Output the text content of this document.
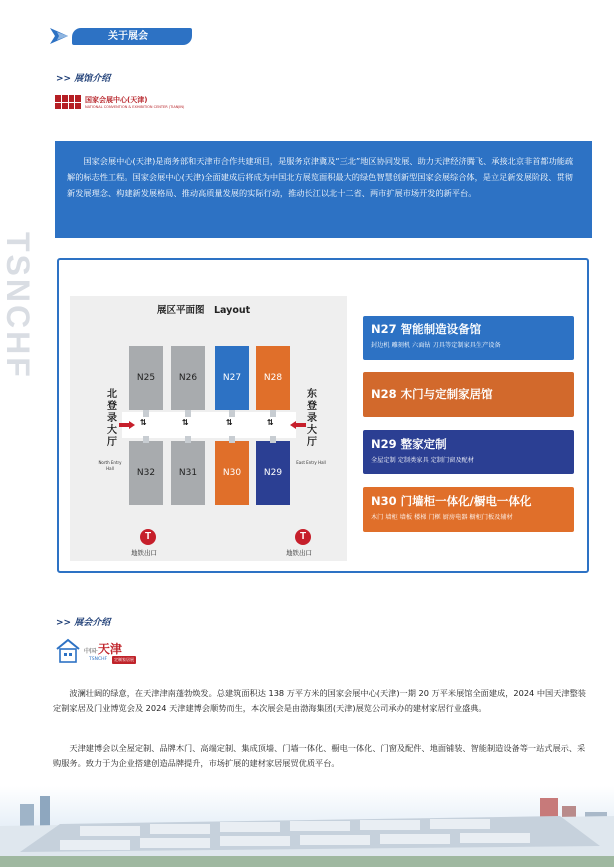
关于展会
>> 展馆介绍
国家会展中心(天津)
NATIONAL CONVENTION & EXHIBITION CENTER (TIANJIN)
国家会展中心(天津)是商务部和天津市合作共建项目，是服务京津冀及“三北”地区协同发展、助力天津经济腾飞、承接北京非首都功能疏解的标志性工程。国家会展中心(天津)全面建成后将成为中国北方展览面积最大的绿色智慧创新型国家会展综合体，是立足新发展阶段、贯彻新发展理念、构建新发展格局、推动高质量发展的实际行动，推动长江以北十二省、两市扩展市场开发的新平台。
TSNCHF	展区平面图　Layout
N25	N26	N27	N28
N32	N31	N30	N29
⇅	⇅	⇅	⇅
北登录大厅
North Entry Hall
东登录大厅
East Entry Hall
T
地铁出口
T
地铁出口
N27 智能制造设备馆
封边机 雕刻机 六面钻 刀具等定制家具生产设备
N28 木门与定制家居馆
N29 整家定制
全屋定制 定制类家具 定制门窗及配材
N30 门墙柜一体化/橱电一体化
木门 墙柜 墙板 楼梯 门框 厨房电器 橱柜门板及辅材
>> 展会介绍
中国·天津
TSNCHF	定制家居展
波澜壮阔的绿意，在天津津南蓬勃焕发。总建筑面积达 138 万平方米的国家会展中心(天津)一期 20 万平米展馆全面建成，2024 中国天津整装定制家居及门业博览会及 2024 天津建博会顺势而生，本次展会是由渤海集团(天津)展览公司承办的建材家居行业盛典。
天津建博会以全屋定制、品牌木门、高端定制、集成顶墙、门墙一体化、橱电一体化、门窗及配件、地面铺装、智能制造设备等一站式展示、采购服务。致力于为企业搭建创造品牌提升，市场扩展的建材家居展贸优质平台。
